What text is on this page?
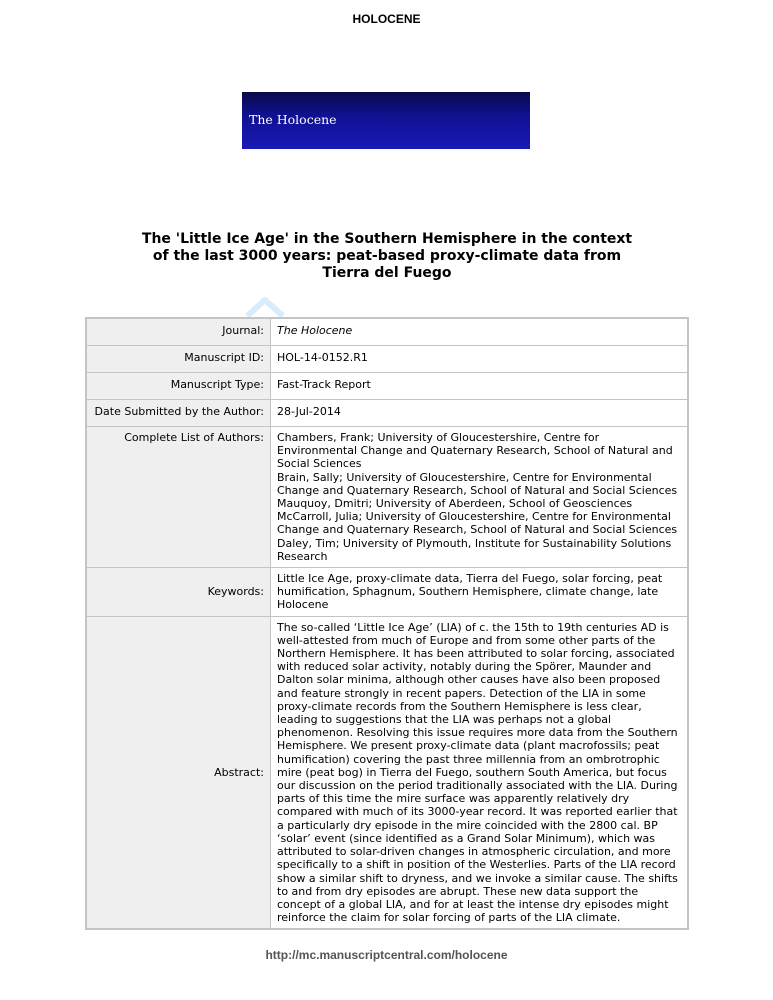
HOLOCENE
The Holocene
The 'Little Ice Age' in the Southern Hemisphere in the context of the last 3000 years: peat-based proxy-climate data from Tierra del Fuego
Journal:	The Holocene
Manuscript ID:	HOL-14-0152.R1
Manuscript Type:	Fast-Track Report
Date Submitted by the Author:	28-Jul-2014
Complete List of Authors:	Chambers, Frank; University of Gloucestershire, Centre for Environmental Change and Quaternary Research, School of Natural and Social Sciences
Brain, Sally; University of Gloucestershire, Centre for Environmental Change and Quaternary Research, School of Natural and Social Sciences
Mauquoy, Dmitri; University of Aberdeen, School of Geosciences
McCarroll, Julia; University of Gloucestershire, Centre for Environmental Change and Quaternary Research, School of Natural and Social Sciences
Daley, Tim; University of Plymouth, Institute for Sustainability Solutions Research

Keywords:	Little Ice Age, proxy-climate data, Tierra del Fuego, solar forcing, peat humification, Sphagnum, Southern Hemisphere, climate change, late Holocene
Abstract:	The so-called ‘Little Ice Age’ (LIA) of c. the 15th to 19th centuries AD is well-attested from much of Europe and from some other parts of the Northern Hemisphere. It has been attributed to solar forcing, associated with reduced solar activity, notably during the Spörer, Maunder and Dalton solar minima, although other causes have also been proposed and feature strongly in recent papers. Detection of the LIA in some proxy-climate records from the Southern Hemisphere is less clear, leading to suggestions that the LIA was perhaps not a global phenomenon. Resolving this issue requires more data from the Southern Hemisphere. We present proxy-climate data (plant macrofossils; peat humification) covering the past three millennia from an ombrotrophic mire (peat bog) in Tierra del Fuego, southern South America, but focus our discussion on the period traditionally associated with the LIA. During parts of this time the mire surface was apparently relatively dry compared with much of its 3000-year record. It was reported earlier that a particularly dry episode in the mire coincided with the 2800 cal. BP ‘solar’ event (since identified as a Grand Solar Minimum), which was attributed to solar-driven changes in atmospheric circulation, and more specifically to a shift in position of the Westerlies. Parts of the LIA record show a similar shift to dryness, and we invoke a similar cause. The shifts to and from dry episodes are abrupt. These new data support the concept of a global LIA, and for at least the intense dry episodes might reinforce the claim for solar forcing of parts of the LIA climate.
http://mc.manuscriptcentral.com/holocene
